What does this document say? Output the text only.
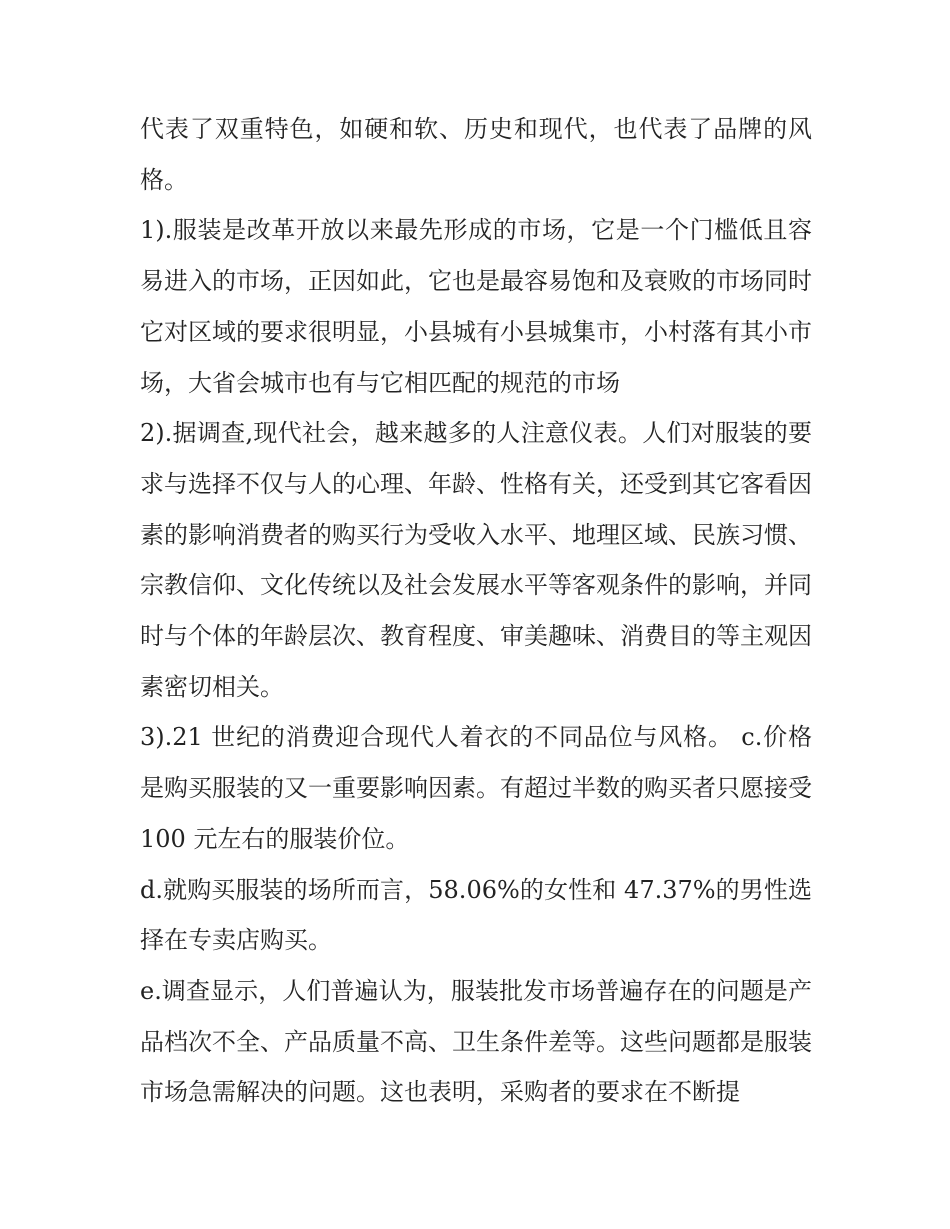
代表了双重特色，如硬和软、历史和现代，也代表了品牌的风格。

1).服装是改革开放以来最先形成的市场，它是一个门槛低且容易进入的市场，正因如此，它也是最容易饱和及衰败的市场同时它对区域的要求很明显，小县城有小县城集市，小村落有其小市场，大省会城市也有与它相匹配的规范的市场

2).据调查,现代社会，越来越多的人注意仪表。人们对服装的要求与选择不仅与人的心理、年龄、性格有关，还受到其它客看因素的影响消费者的购买行为受收入水平、地理区域、民族习惯、宗教信仰、文化传统以及社会发展水平等客观条件的影响，并同时与个体的年龄层次、教育程度、审美趣味、消费目的等主观因素密切相关。

3).21 世纪的消费迎合现代人着衣的不同品位与风格。 c.价格是购买服装的又一重要影响因素。有超过半数的购买者只愿接受 100 元左右的服装价位。

d.就购买服装的场所而言，58.06%的女性和 47.37%的男性选择在专卖店购买。

e.调查显示，人们普遍认为，服装批发市场普遍存在的问题是产品档次不全、产品质量不高、卫生条件差等。这些问题都是服装市场急需解决的问题。这也表明，采购者的要求在不断提
